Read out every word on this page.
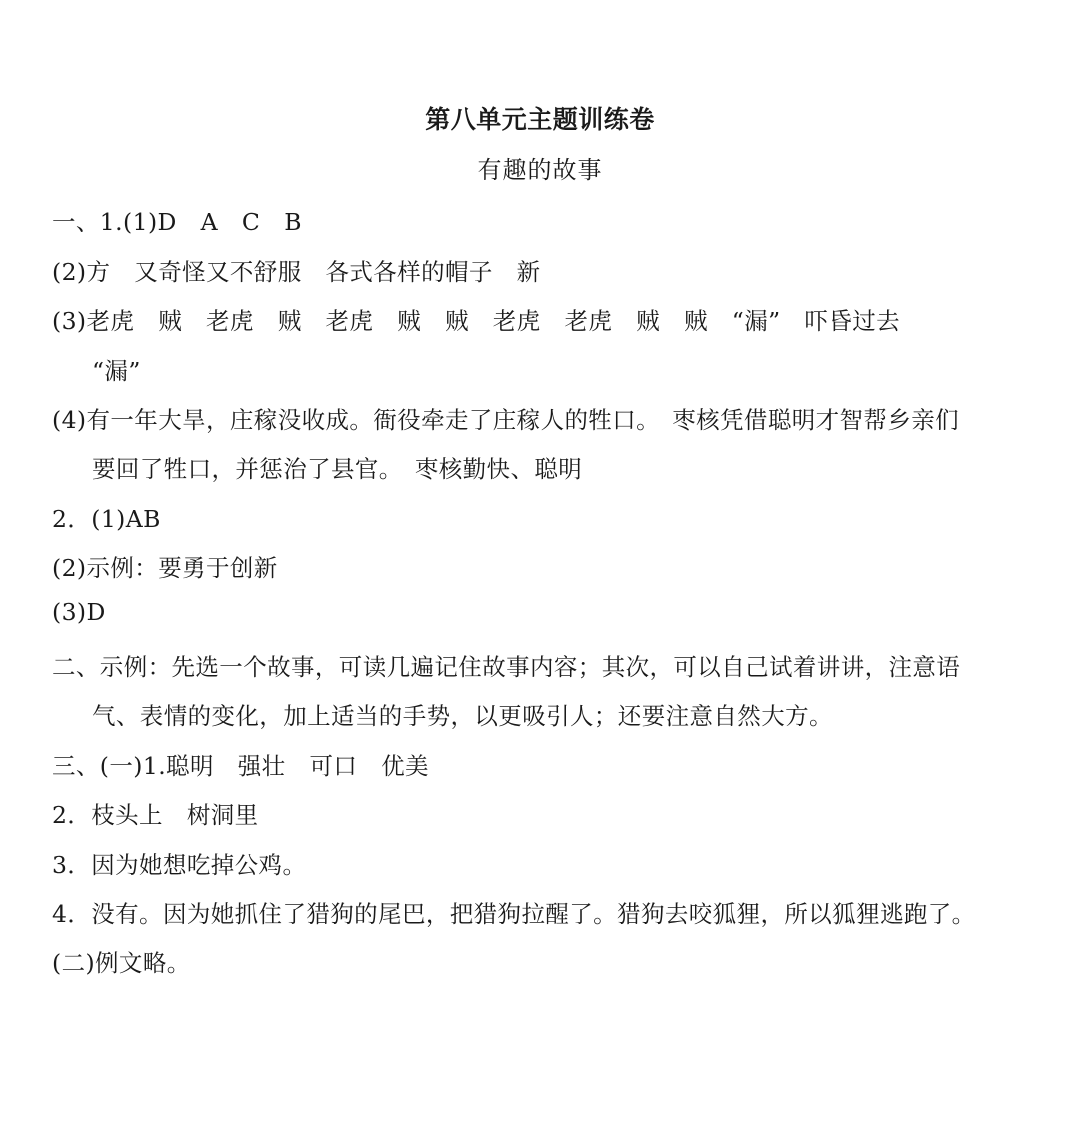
第八单元主题训练卷
有趣的故事
一、1.(1)D　A　C　B
(2)方　又奇怪又不舒服　各式各样的帽子　新
(3)老虎　贼　老虎　贼　老虎　贼　贼　老虎　老虎　贼　贼　“漏”　吓昏过去
“漏”
(4)有一年大旱，庄稼没收成。衙役牵走了庄稼人的牲口。　枣核凭借聪明才智帮乡亲们
要回了牲口，并惩治了县官。　枣核勤快、聪明
2．(1)AB
(2)示例：要勇于创新
(3)D
二、示例：先选一个故事，可读几遍记住故事内容；其次，可以自己试着讲讲，注意语
气、表情的变化，加上适当的手势，以更吸引人；还要注意自然大方。
三、(一)1.聪明　强壮　可口　优美
2．枝头上　树洞里
3．因为她想吃掉公鸡。
4．没有。因为她抓住了猎狗的尾巴，把猎狗拉醒了。猎狗去咬狐狸，所以狐狸逃跑了。
(二)例文略。
